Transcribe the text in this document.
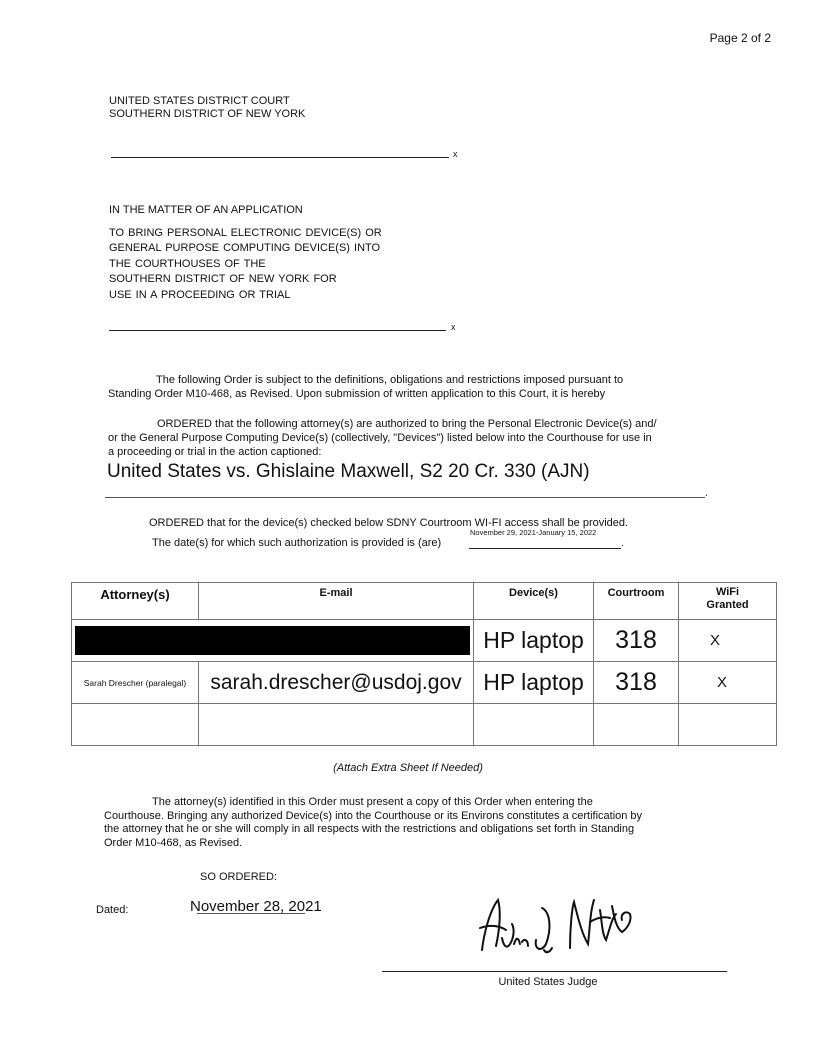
Page 2 of 2
UNITED STATES DISTRICT COURT
SOUTHERN DISTRICT OF NEW YORK
x
IN THE MATTER OF AN APPLICATION
TO BRING PERSONAL ELECTRONIC DEVICE(S) OR
GENERAL PURPOSE COMPUTING DEVICE(S) INTO
THE COURTHOUSES OF THE
SOUTHERN DISTRICT OF NEW YORK FOR
USE IN A PROCEEDING OR TRIAL
x
The following Order is subject to the definitions, obligations and restrictions imposed pursuant to
Standing Order M10-468, as Revised. Upon submission of written application to this Court, it is hereby
ORDERED that the following attorney(s) are authorized to bring the Personal Electronic Device(s) and/
or the General Purpose Computing Device(s) (collectively, "Devices") listed below into the Courthouse for use in
a proceeding or trial in the action captioned:
United States vs. Ghislaine Maxwell, S2 20 Cr. 330 (AJN)
.
ORDERED that for the device(s) checked below SDNY Courtroom WI-FI access shall be provided.
The date(s) for which such authorization is provided is (are)	.
November 29, 2021-January 15, 2022
Attorney(s)	E-mail	Device(s)	Courtroom	WiFi Granted

		HP laptop	318	X
Sarah Drescher (paralegal)	sarah.drescher@usdoj.gov	HP laptop	318	X

(Attach Extra Sheet If Needed)
The attorney(s) identified in this Order must present a copy of this Order when entering the
Courthouse. Bringing any authorized Device(s) into the Courthouse or its Environs constitutes a certification by
the attorney that he or she will comply in all respects with the restrictions and obligations set forth in Standing
Order M10-468, as Revised.
SO ORDERED:
Dated:	November 28, 2021
United States Judge
